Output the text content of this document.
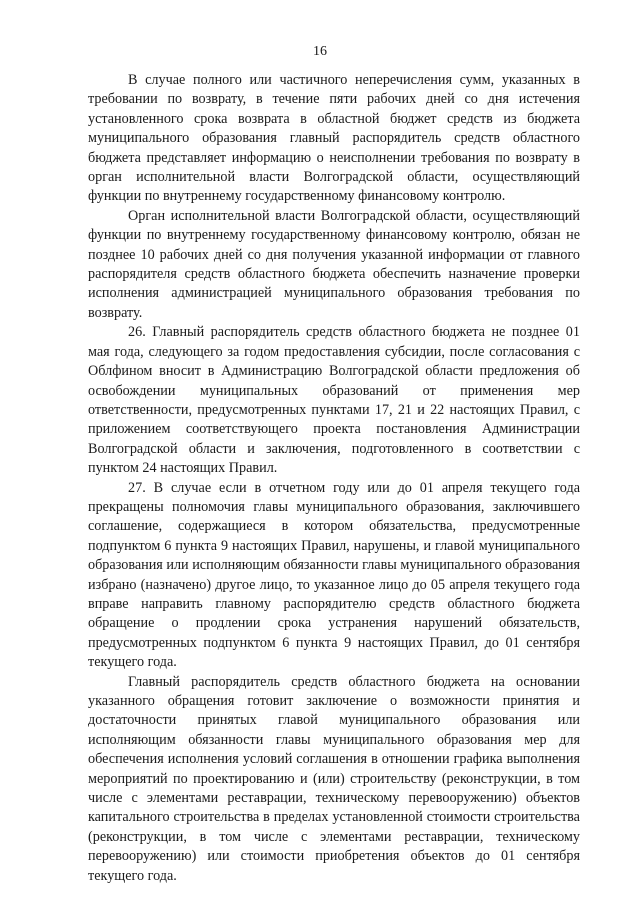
16

В случае полного или частичного неперечисления сумм, указанных в требовании по возврату, в течение пяти рабочих дней со дня истечения установленного срока возврата в областной бюджет средств из бюджета муниципального образования главный распорядитель средств областного бюджета представляет информацию о неисполнении требования по возврату в орган исполнительной власти Волгоградской области, осуществляющий функции по внутреннему государственному финансовому контролю.

Орган исполнительной власти Волгоградской области, осуществляющий функции по внутреннему государственному финансовому контролю, обязан не позднее 10 рабочих дней со дня получения указанной информации от главного распорядителя средств областного бюджета обеспечить назначение проверки исполнения администрацией муниципального образования требования по возврату.

26. Главный распорядитель средств областного бюджета не позднее 01 мая года, следующего за годом предоставления субсидии, после согласования с Облфином вносит в Администрацию Волгоградской области предложения об освобождении муниципальных образований от применения мер ответственности, предусмотренных пунктами 17, 21 и 22 настоящих Правил, с приложением соответствующего проекта постановления Администрации Волгоградской области и заключения, подготовленного в соответствии с пунктом 24 настоящих Правил.

27. В случае если в отчетном году или до 01 апреля текущего года прекращены полномочия главы муниципального образования, заключившего соглашение, содержащиеся в котором обязательства, предусмотренные подпунктом 6 пункта 9 настоящих Правил, нарушены, и главой муниципального образования или исполняющим обязанности главы муниципального образования избрано (назначено) другое лицо, то указанное лицо до 05 апреля текущего года вправе направить главному распорядителю средств областного бюджета обращение о продлении срока устранения нарушений обязательств, предусмотренных подпунктом 6 пункта 9 настоящих Правил, до 01 сентября текущего года.

Главный распорядитель средств областного бюджета на основании указанного обращения готовит заключение о возможности принятия и достаточности принятых главой муниципального образования или исполняющим обязанности главы муниципального образования мер для обеспечения исполнения условий соглашения в отношении графика выполнения мероприятий по проектированию и (или) строительству (реконструкции, в том числе с элементами реставрации, техническому перевооружению) объектов капитального строительства в пределах установленной стоимости строительства (реконструкции, в том числе с элементами реставрации, техническому перевооружению) или стоимости приобретения объектов до 01 сентября текущего года.
